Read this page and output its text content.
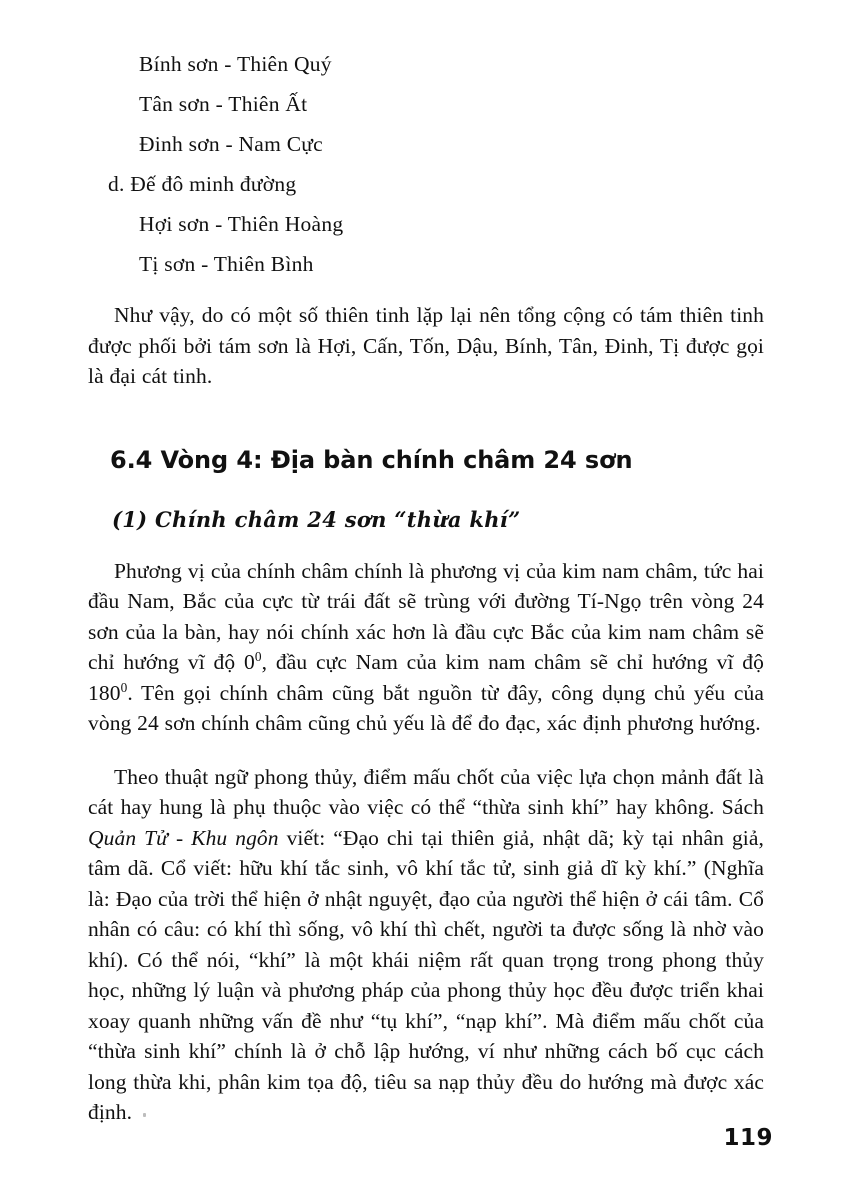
Bính sơn - Thiên Quý
Tân sơn - Thiên Ất
Đinh sơn - Nam Cực
d. Đế đô minh đường
Hợi sơn - Thiên Hoàng
Tị sơn - Thiên Bình

Như vậy, do có một số thiên tinh lặp lại nên tổng cộng có tám thiên tinh được phối bởi tám sơn là Hợi, Cấn, Tốn, Dậu, Bính, Tân, Đinh, Tị được gọi là đại cát tinh.

6.4 Vòng 4: Địa bàn chính châm 24 sơn
(1) Chính châm 24 sơn “thừa khí”

Phương vị của chính châm chính là phương vị của kim nam châm, tức hai đầu Nam, Bắc của cực từ trái đất sẽ trùng với đường Tí-Ngọ trên vòng 24 sơn của la bàn, hay nói chính xác hơn là đầu cực Bắc của kim nam châm sẽ chỉ hướng vĩ độ $0^0$, đầu cực Nam của kim nam châm sẽ chỉ hướng vĩ độ $180^0$. Tên gọi chính châm cũng bắt nguồn từ đây, công dụng chủ yếu của vòng 24 sơn chính châm cũng chủ yếu là để đo đạc, xác định phương hướng.

Theo thuật ngữ phong thủy, điểm mấu chốt của việc lựa chọn mảnh đất là cát hay hung là phụ thuộc vào việc có thể “thừa sinh khí” hay không. Sách Quản Tử - Khu ngôn viết: “Đạo chi tại thiên giả, nhật dã; kỳ tại nhân giả, tâm dã. Cổ viết: hữu khí tắc sinh, vô khí tắc tử, sinh giả dĩ kỳ khí.” (Nghĩa là: Đạo của trời thể hiện ở nhật nguyệt, đạo của người thể hiện ở cái tâm. Cổ nhân có câu: có khí thì sống, vô khí thì chết, người ta được sống là nhờ vào khí). Có thể nói, “khí” là một khái niệm rất quan trọng trong phong thủy học, những lý luận và phương pháp của phong thủy học đều được triển khai xoay quanh những vấn đề như “tụ khí”, “nạp khí”. Mà điểm mấu chốt của “thừa sinh khí” chính là ở chỗ lập hướng, ví như những cách bố cục cách long thừa khi, phân kim tọa độ, tiêu sa nạp thủy đều do hướng mà được xác định.

119
